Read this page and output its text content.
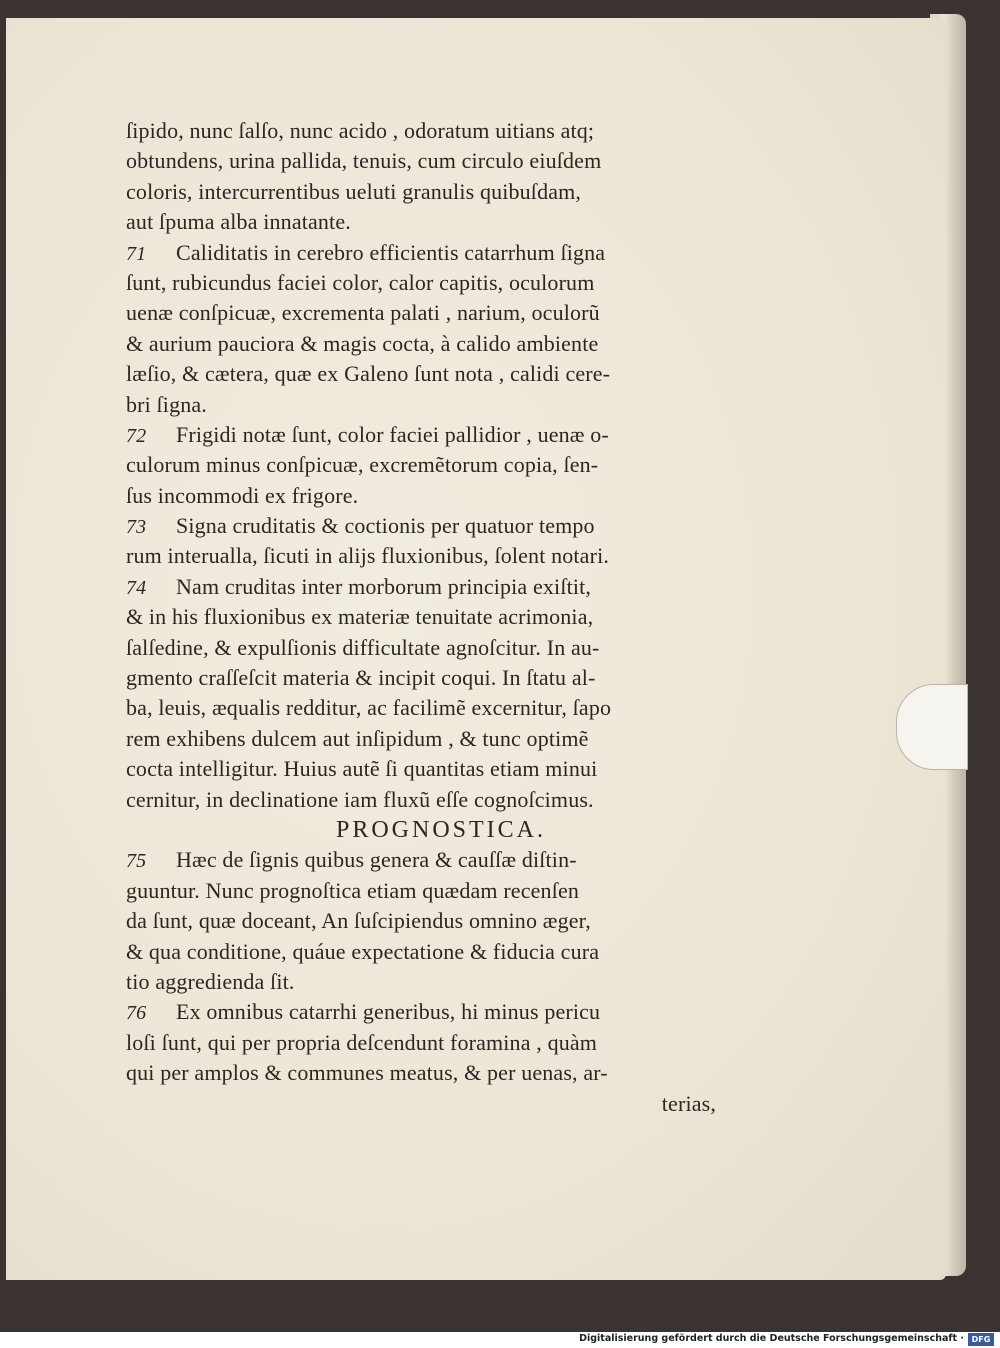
ſipido, nunc ſalſo, nunc acido , odoratum uitians atq;
obtundens, urina pallida, tenuis, cum circulo eiuſdem
coloris, intercurrentibus ueluti granulis quibuſdam,
aut ſpuma alba innatante.
71 Caliditatis in cerebro efficientis catarrhum ſigna
ſunt, rubicundus faciei color, calor capitis, oculorum
uenæ conſpicuæ, excrementa palati , narium, oculorũ
& aurium pauciora & magis cocta, à calido ambiente
læſio, & cætera, quæ ex Galeno ſunt nota , calidi cere-
bri ſigna.
72 Frigidi notæ ſunt, color faciei pallidior , uenæ o-
culorum minus conſpicuæ, excremẽtorum copia, ſen-
ſus incommodi ex frigore.
73 Signa cruditatis & coctionis per quatuor tempo
rum interualla, ſicuti in alijs fluxionibus, ſolent notari.
74 Nam cruditas inter morborum principia exiſtit,
& in his fluxionibus ex materiæ tenuitate acrimonia,
ſalſedine, & expulſionis difficultate agnoſcitur. In au-
gmento craſſeſcit materia & incipit coqui. In ſtatu al-
ba, leuis, æqualis redditur, ac facilimẽ excernitur, ſapo
rem exhibens dulcem aut inſipidum , & tunc optimẽ
cocta intelligitur. Huius autẽ ſi quantitas etiam minui
cernitur, in declinatione iam fluxũ eſſe cognoſcimus.
PROGNOSTICA.
75 Hæc de ſignis quibus genera & cauſſæ diſtin-
guuntur. Nunc prognoſtica etiam quædam recenſen
da ſunt, quæ doceant, An ſuſcipiendus omnino æger,
& qua conditione, quáue expectatione & fiducia cura
tio aggredienda ſit.
76 Ex omnibus catarrhi generibus, hi minus pericu
loſi ſunt, qui per propria deſcendunt foramina , quàm
qui per amplos & communes meatus, & per uenas, ar-
terias,
Digitalisierung gefördert durch die Deutsche Forschungsgemeinschaft · DFG
